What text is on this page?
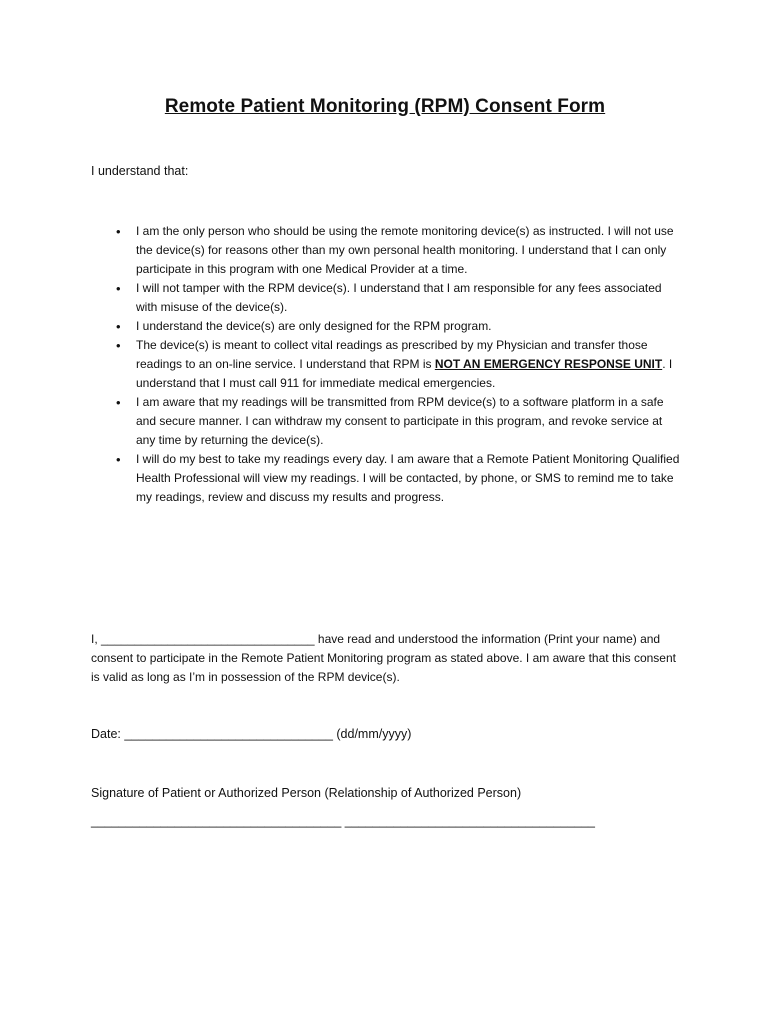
Remote Patient Monitoring (RPM) Consent Form
I understand that:
• I am the only person who should be using the remote monitoring device(s) as instructed. I will not use the device(s) for reasons other than my own personal health monitoring. I understand that I can only participate in this program with one Medical Provider at a time.
• I will not tamper with the RPM device(s). I understand that I am responsible for any fees associated with misuse of the device(s).
• I understand the device(s) are only designed for the RPM program.
• The device(s) is meant to collect vital readings as prescribed by my Physician and transfer those readings to an on-line service. I understand that RPM is NOT AN EMERGENCY RESPONSE UNIT. I understand that I must call 911 for immediate medical emergencies.
• I am aware that my readings will be transmitted from RPM device(s) to a software platform in a safe and secure manner. I can withdraw my consent to participate in this program, and revoke service at any time by returning the device(s).
• I will do my best to take my readings every day. I am aware that a Remote Patient Monitoring Qualified Health Professional will view my readings. I will be contacted, by phone, or SMS to remind me to take my readings, review and discuss my results and progress.
I, ________________________________ have read and understood the information (Print your name) and consent to participate in the Remote Patient Monitoring program as stated above. I am aware that this consent is valid as long as I’m in possession of the RPM device(s).
Date: ______________________________ (dd/mm/yyyy)
Signature of Patient or Authorized Person (Relationship of Authorized Person)
____________________________________ ____________________________________
